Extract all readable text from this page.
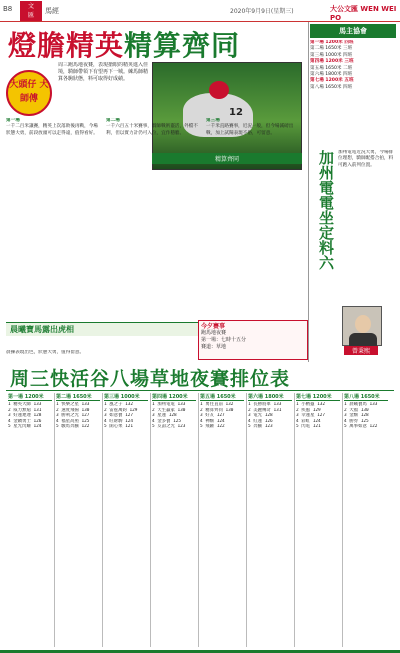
B8	文
匯
馬經	2020年9月9日(星期三)	大公文匯 WEN WEI PO
燈膽精英精算齊同
大頭仔 大師傅
周三跑馬地夜賽，表現搶眼的精英進入佳境，騎師帶領下有望再下一城。練馬師精算各駒狀態，料可取得好成績。
12
精算齊同
第一場
一千二百米讓賽，精英上次落敗後再戰，今場狀態大勇，前段放頭可以走得遠，值得看好。
第二場
一千六百五十米賽事，騎師戰術靈活，外檔不利，但以實力計仍可入位，宜作穩膽。
第三場
一千米直路賽事，近況一般，但今場減磅出戰，加上試閘表現不俗，可留意。
晨曦寶馬露出虎相
晨操表現出色，狀態大勇，值得留意。
今夕賽事
跑馬地夜賽
第一場：七時十五分
賽道：草地
馬主協會
第一場 1200米 四班
第二場 1650米 三班
第三場 1000米 四班
第四場 1200米 三班
第五場 1650米 二班
第六場 1800米 四班
第七場 1200米 五班
第八場 1650米 四班
加州電電坐定料六 加州電電近況大勇，今場排位理想，騎師配搭合拍，料可跑入前列位置。
曾秉熙
周三快活谷八場草地夜賽排位表
第一場 1200米
1 精英大師 133
2 威力無窮 131
3 好運連連 128
4 金鑽勇士 126
5 星光閃耀 124
第二場 1650米
1 快樂之星 133
2 速度飛揚 130
3 勝利之光 127
4 福星高照 125
5 駿馬奔騰 122
第三場 1000米
1 風之子 132
2 雷霆萬鈞 129
3 如意寶 127
4 旺財駒 124
5 開心果 121
第四場 1200米
1 加州電電 133
2 天生贏家 130
3 星運 128
4 金多寶 125
5 友誼之光 123
第五場 1650米
1 勇往直前 132
2 精算齊同 130
3 好友 127
4 神駒 124
5 飛躍 122
第六場 1800米
1 長勝將軍 133
2 美麗傳奇 131
3 電光 128
4 紅運 126
5 奔騰 123
第七場 1200米
1 小精靈 132
2 疾風 129
3 幸運星 127
4 彩虹 124
5 閃電 121
第八場 1650米
1 晨曦寶馬 133
2 大福 130
3 金駒 128
4 勝券 125
5 萬事如意 122
